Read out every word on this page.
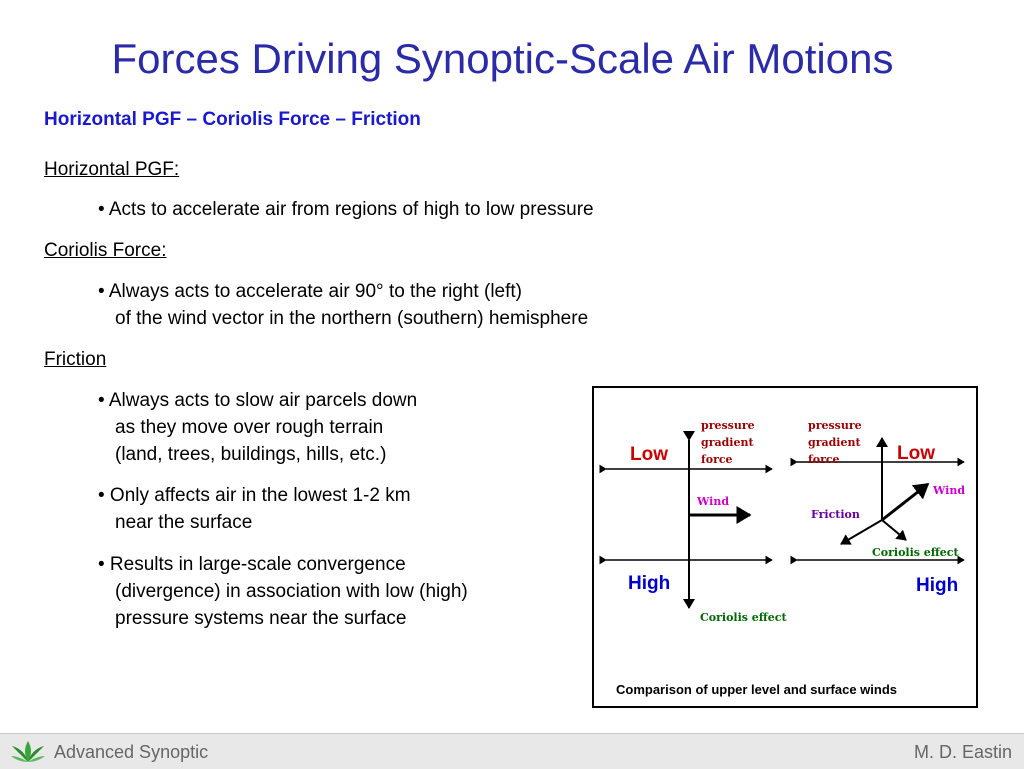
Forces Driving Synoptic-Scale Air Motions
Horizontal PGF – Coriolis Force – Friction
Horizontal PGF:
• Acts to accelerate air from regions of high to low pressure
Coriolis Force:
• Always acts to accelerate air 90° to the right (left)
of the wind vector in the northern (southern) hemisphere
Friction
• Always acts to slow air parcels down
as they move over rough terrain
(land, trees, buildings, hills, etc.)
• Only affects air in the lowest 1-2 km
near the surface
• Results in large-scale convergence
(divergence) in association with low (high)
pressure systems near the surface
Low
High
pressure
gradient
force
Wind
Coriolis effect
pressure
gradient
force	Low
Wind
Friction
Coriolis effect
High
Comparison of upper level and surface winds
Advanced Synoptic	M. D. Eastin
